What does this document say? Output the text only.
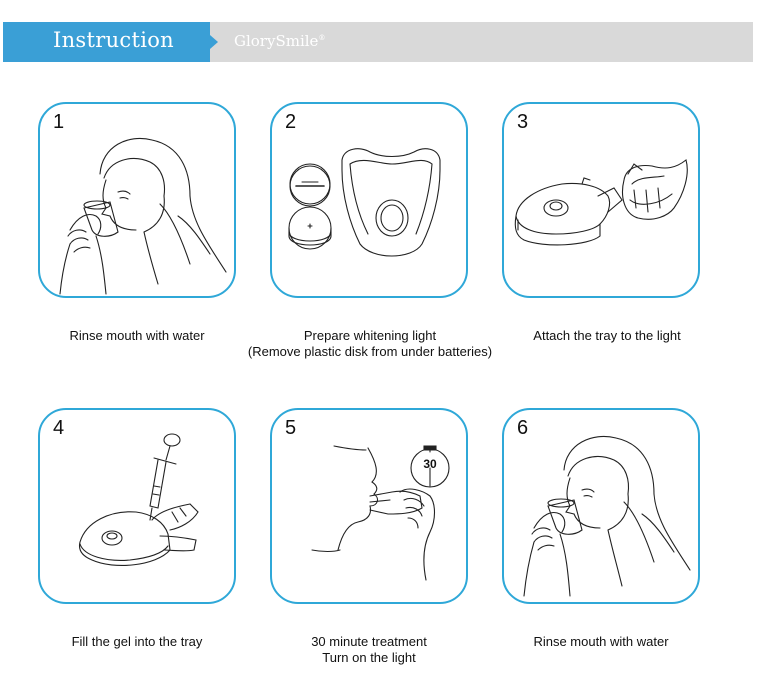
Instruction	GlorySmile®
1	2	3
4	5
30
6
Rinse mouth with water	Prepare whitening light
(Remove plastic disk from under batteries)
Attach the tray to the light
Fill the gel into the tray	30 minute treatment
Turn on the light
Rinse mouth with water
